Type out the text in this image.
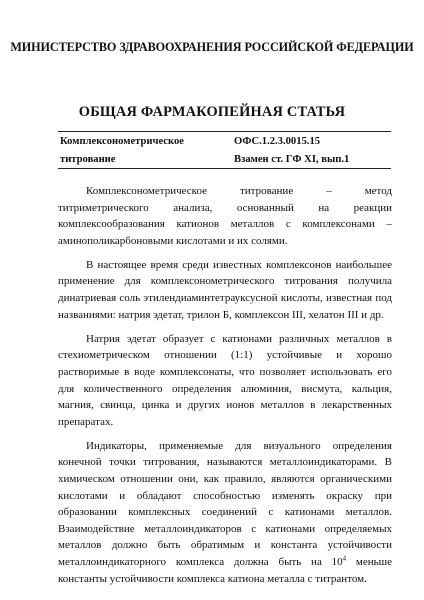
МИНИСТЕРСТВО ЗДРАВООХРАНЕНИЯ РОССИЙСКОЙ ФЕДЕРАЦИИ
ОБЩАЯ ФАРМАКОПЕЙНАЯ СТАТЬЯ
Комплексонометрическое
титрование
ОФС.1.2.3.0015.15
Взамен ст. ГФ XI, вып.1

Комплексонометрическое титрование – метод титриметрического анализа, основанный на реакции комплексообразования катионов металлов с комплексонами – аминополикарбоновыми кислотами и их солями.

В настоящее время среди известных комплексонов наибольшее применение для комплексонометрического титрования получила динатриевая соль этилендиаминтетрауксусной кислоты, известная под названиями: натрия эдетат, трилон Б, комплексон III, хелатон III и др.

Натрия эдетат образует с катионами различных металлов в стехиометрическом отношении (1:1) устойчивые и хорошо растворимые в воде комплексонаты, что позволяет использовать его для количественного определения алюминия, висмута, кальция, магния, свинца, цинка и других ионов металлов в лекарственных препаратах.

Индикаторы, применяемые для визуального определения конечной точки титрования, называются металлоиндикаторами. В химическом отношении они, как правило, являются органическими кислотами и обладают способностью изменять окраску при образовании комплексных соединений с катионами металлов. Взаимодействие металлоиндикаторов с катионами определяемых металлов должно быть обратимым и константа устойчивости металлоиндикаторного комплекса должна быть на $10^4$ меньше константы устойчивости комплекса катиона металла с титрантом.
